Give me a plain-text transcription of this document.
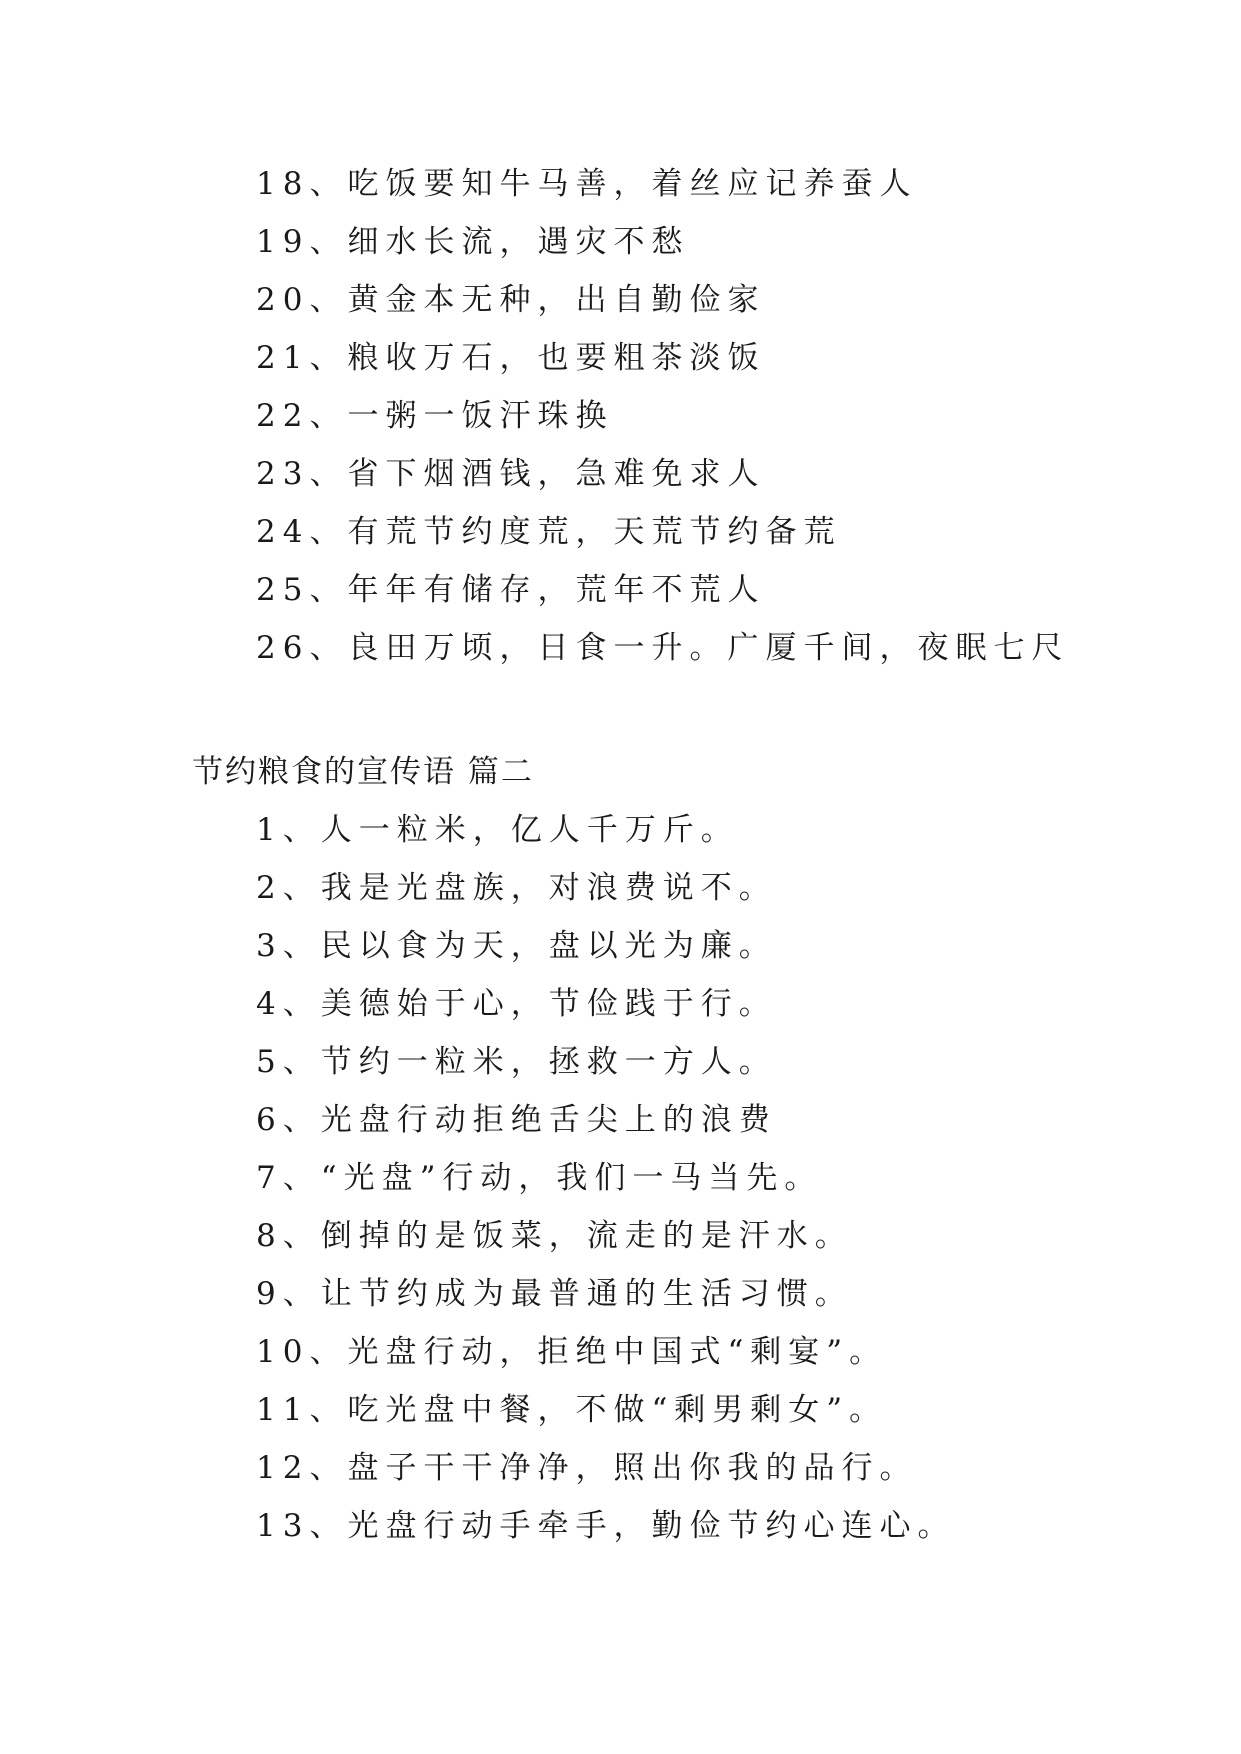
18、吃饭要知牛马善，着丝应记养蚕人
19、细水长流，遇灾不愁
20、黄金本无种，出自勤俭家
21、粮收万石，也要粗茶淡饭
22、一粥一饭汗珠换
23、省下烟酒钱，急难免求人
24、有荒节约度荒，天荒节约备荒
25、年年有储存，荒年不荒人
26、良田万顷，日食一升。广厦千间，夜眠七尺
节约粮食的宣传语 篇二
1、人一粒米，亿人千万斤。
2、我是光盘族，对浪费说不。
3、民以食为天，盘以光为廉。
4、美德始于心，节俭践于行。
5、节约一粒米，拯救一方人。
6、光盘行动拒绝舌尖上的浪费
7、“光盘”行动，我们一马当先。
8、倒掉的是饭菜，流走的是汗水。
9、让节约成为最普通的生活习惯。
10、光盘行动，拒绝中国式“剩宴”。
11、吃光盘中餐，不做“剩男剩女”。
12、盘子干干净净，照出你我的品行。
13、光盘行动手牵手，勤俭节约心连心。
